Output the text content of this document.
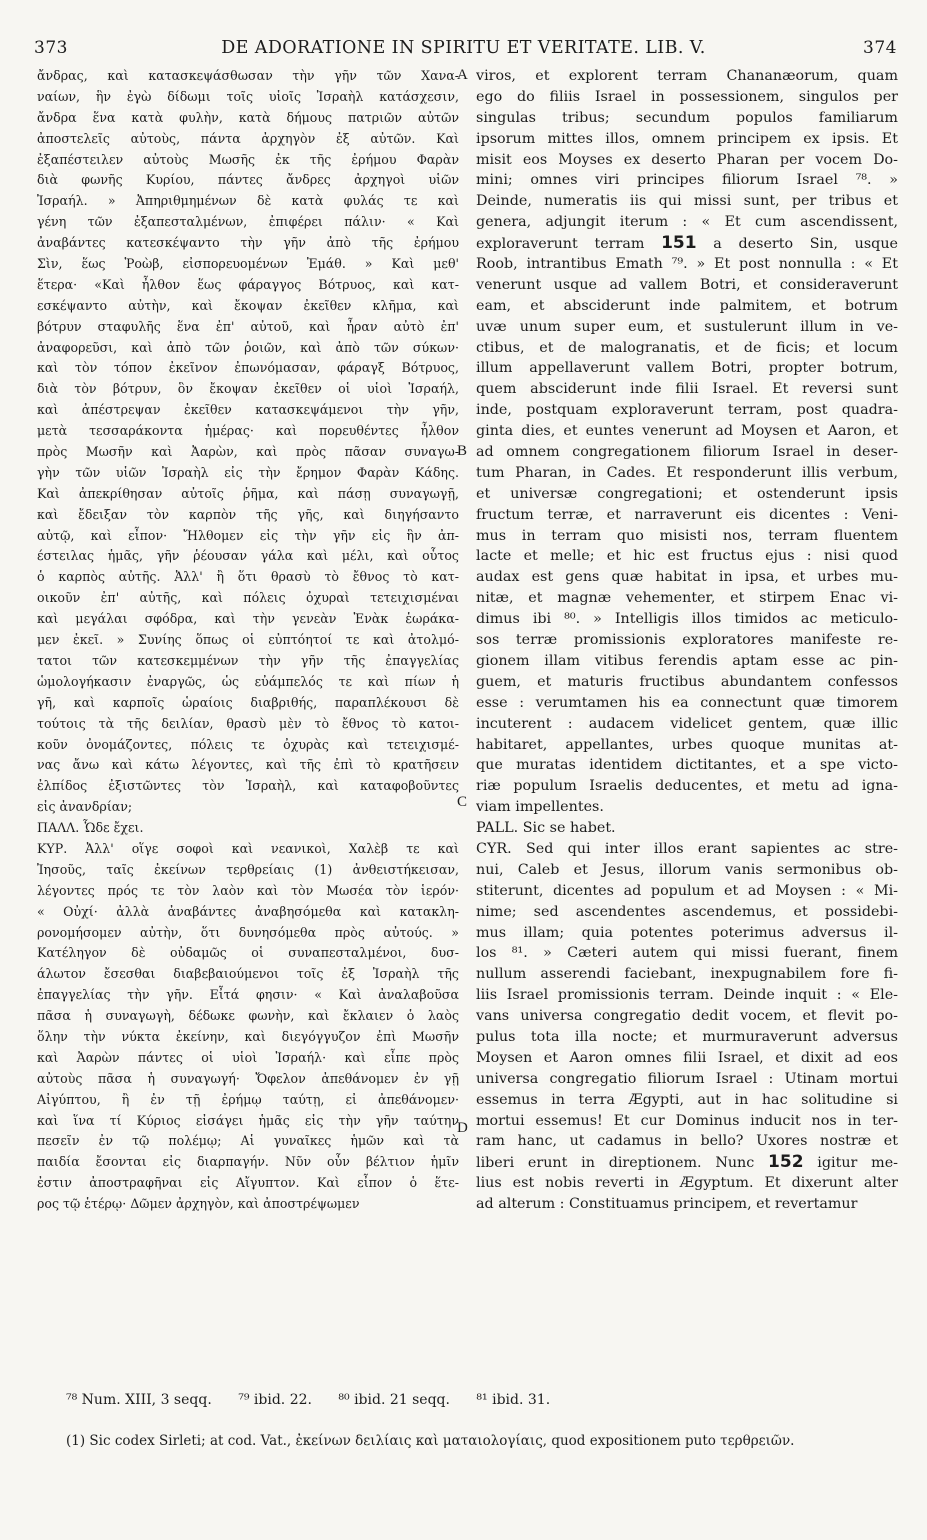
373	DE ADORATIONE IN SPIRITU ET VERITATE. LIB. V.	374
ἄνδρας, καὶ κατασκεψάσθωσαν τὴν γῆν τῶν Χανα-
ναίων, ἣν ἐγὼ δίδωμι τοῖς υἱοῖς Ἰσραὴλ κατάσχεσιν,
ἄνδρα ἕνα κατὰ φυλὴν, κατὰ δήμους πατριῶν αὐτῶν
ἀποστελεῖς αὐτοὺς, πάντα ἀρχηγὸν ἐξ αὐτῶν. Καὶ
ἐξαπέστειλεν αὐτοὺς Μωσῆς ἐκ τῆς ἐρήμου Φαρὰν
διὰ φωνῆς Κυρίου, πάντες ἄνδρες ἀρχηγοὶ υἱῶν
Ἰσραήλ. » Ἀπηριθμημένων δὲ κατὰ φυλάς τε καὶ
γένη τῶν ἐξαπεσταλμένων, ἐπιφέρει πάλιν· « Καὶ
ἀναβάντες κατεσκέψαντο τὴν γῆν ἀπὸ τῆς ἐρήμου
Σὶν, ἕως Ῥοὼβ, εἰσπορευομένων Ἐμάθ. » Καὶ μεθ'
ἕτερα· «Καὶ ἦλθον ἕως φάραγγος Βότρυος, καὶ κατ-
εσκέψαντο αὐτὴν, καὶ ἔκοψαν ἐκεῖθεν κλῆμα, καὶ
βότρυν σταφυλῆς ἕνα ἐπ' αὐτοῦ, καὶ ἦραν αὐτὸ ἐπ'
ἀναφορεῦσι, καὶ ἀπὸ τῶν ῥοιῶν, καὶ ἀπὸ τῶν σύκων·
καὶ τὸν τόπον ἐκεῖνον ἐπωνόμασαν, φάραγξ Βότρυος,
διὰ τὸν βότρυν, ὃν ἔκοψαν ἐκεῖθεν οἱ υἱοὶ Ἰσραήλ,
καὶ ἀπέστρεψαν ἐκεῖθεν κατασκεψάμενοι τὴν γῆν,
μετὰ τεσσαράκοντα ἡμέρας· καὶ πορευθέντες ἦλθον
πρὸς Μωσῆν καὶ Ἀαρὼν, καὶ πρὸς πᾶσαν συναγω-
γὴν τῶν υἱῶν Ἰσραὴλ εἰς τὴν ἔρημον Φαρὰν Κάδης.
Καὶ ἀπεκρίθησαν αὐτοῖς ῥῆμα, καὶ πάσῃ συναγωγῇ,
καὶ ἔδειξαν τὸν καρπὸν τῆς γῆς, καὶ διηγήσαντο
αὐτῷ, καὶ εἶπον· Ἤλθομεν εἰς τὴν γῆν εἰς ἣν ἀπ-
έστειλας ἡμᾶς, γῆν ῥέουσαν γάλα καὶ μέλι, καὶ οὗτος
ὁ καρπὸς αὐτῆς. Ἀλλ' ἢ ὅτι θρασὺ τὸ ἔθνος τὸ κατ-
οικοῦν ἐπ' αὐτῆς, καὶ πόλεις ὀχυραὶ τετειχισμέναι
καὶ μεγάλαι σφόδρα, καὶ τὴν γενεὰν Ἐνὰκ ἑωράκα-
μεν ἐκεῖ. » Συνίης ὅπως οἱ εὐπτόητοί τε καὶ ἀτολμό-
τατοι τῶν κατεσκεμμένων τὴν γῆν τῆς ἐπαγγελίας
ὡμολογήκασιν ἐναργῶς, ὡς εὐάμπελός τε καὶ πίων ἡ
γῆ, καὶ καρποῖς ὡραίοις διαβριθής, παραπλέκουσι δὲ
τούτοις τὰ τῆς δειλίαν, θρασὺ μὲν τὸ ἔθνος τὸ κατοι-
κοῦν ὀνομάζοντες, πόλεις τε ὀχυρὰς καὶ τετειχισμέ-
νας ἄνω καὶ κάτω λέγοντες, καὶ τῆς ἐπὶ τὸ κρατῆσειν
ἐλπίδος ἐξιστῶντες τὸν Ἰσραὴλ, καὶ καταφοβοῦντες
εἰς ἀνανδρίαν;
ΠΑΛΛ. Ὧδε ἔχει.
ΚΥΡ. Ἀλλ' οἵγε σοφοὶ καὶ νεανικοὶ, Χαλὲβ τε καὶ
Ἰησοῦς, ταῖς ἐκείνων τερθρείαις (1) ἀνθειστήκεισαν,
λέγοντες πρός τε τὸν λαὸν καὶ τὸν Μωσέα τὸν ἱερόν·
« Οὐχί· ἀλλὰ ἀναβάντες ἀναβησόμεθα καὶ κατακλη-
ρονομήσομεν αὐτὴν, ὅτι δυνησόμεθα πρὸς αὐτούς. »
Κατέληγον δὲ οὐδαμῶς οἱ συναπεσταλμένοι, δυσ-
άλωτον ἔσεσθαι διαβεβαιούμενοι τοῖς ἐξ Ἰσραὴλ τῆς
ἐπαγγελίας τὴν γῆν. Εἶτά φησιν· « Καὶ ἀναλαβοῦσα
πᾶσα ἡ συναγωγὴ, δέδωκε φωνὴν, καὶ ἔκλαιεν ὁ λαὸς
ὅλην τὴν νύκτα ἐκείνην, καὶ διεγόγγυζον ἐπὶ Μωσῆν
καὶ Ἀαρὼν πάντες οἱ υἱοὶ Ἰσραήλ· καὶ εἶπε πρὸς
αὐτοὺς πᾶσα ἡ συναγωγή· Ὄφελον ἀπεθάνομεν ἐν γῇ
Αἰγύπτου, ἢ ἐν τῇ ἐρήμῳ ταύτῃ, εἰ ἀπεθάνομεν·
καὶ ἵνα τί Κύριος εἰσάγει ἡμᾶς εἰς τὴν γῆν ταύτην
πεσεῖν ἐν τῷ πολέμῳ; Αἱ γυναῖκες ἡμῶν καὶ τὰ
παιδία ἔσονται εἰς διαρπαγήν. Νῦν οὖν βέλτιον ἡμῖν
ἐστιν ἀποστραφῆναι εἰς Αἴγυπτον. Καὶ εἶπον ὁ ἕτε-
ρος τῷ ἑτέρῳ· Δῶμεν ἀρχηγὸν, καὶ ἀποστρέψωμεν
viros, et explorent terram Chananæorum, quam
ego do filiis Israel in possessionem, singulos per
singulas tribus; secundum populos familiarum
ipsorum mittes illos, omnem principem ex ipsis. Et
misit eos Moyses ex deserto Pharan per vocem Do-
mini; omnes viri principes filiorum Israel ⁷⁸. »
Deinde, numeratis iis qui missi sunt, per tribus et
genera, adjungit iterum : « Et cum ascendissent,
exploraverunt terram 151 a deserto Sin, usque
Roob, intrantibus Emath ⁷⁹. » Et post nonnulla : « Et
venerunt usque ad vallem Botri, et consideraverunt
eam, et absciderunt inde palmitem, et botrum
uvæ unum super eum, et sustulerunt illum in ve-
ctibus, et de malogranatis, et de ficis; et locum
illum appellaverunt vallem Botri, propter botrum,
quem absciderunt inde filii Israel. Et reversi sunt
inde, postquam exploraverunt terram, post quadra-
ginta dies, et euntes venerunt ad Moysen et Aaron, et
ad omnem congregationem filiorum Israel in deser-
tum Pharan, in Cades. Et responderunt illis verbum,
et universæ congregationi; et ostenderunt ipsis
fructum terræ, et narraverunt eis dicentes : Veni-
mus in terram quo misisti nos, terram fluentem
lacte et melle; et hic est fructus ejus : nisi quod
audax est gens quæ habitat in ipsa, et urbes mu-
nitæ, et magnæ vehementer, et stirpem Enac vi-
dimus ibi ⁸⁰. » Intelligis illos timidos ac meticulo-
sos terræ promissionis exploratores manifeste re-
gionem illam vitibus ferendis aptam esse ac pin-
guem, et maturis fructibus abundantem confessos
esse : verumtamen his ea connectunt quæ timorem
incuterent : audacem videlicet gentem, quæ illic
habitaret, appellantes, urbes quoque munitas at-
que muratas identidem dictitantes, et a spe victo-
riæ populum Israelis deducentes, et metu ad igna-
viam impellentes.
PALL. Sic se habet.
CYR. Sed qui inter illos erant sapientes ac stre-
nui, Caleb et Jesus, illorum vanis sermonibus ob-
stiterunt, dicentes ad populum et ad Moysen : « Mi-
nime; sed ascendentes ascendemus, et possidebi-
mus illam; quia potentes poterimus adversus il-
los ⁸¹. » Cæteri autem qui missi fuerant, finem
nullum asserendi faciebant, inexpugnabilem fore fi-
liis Israel promissionis terram. Deinde inquit : « Ele-
vans universa congregatio dedit vocem, et flevit po-
pulus tota illa nocte; et murmuraverunt adversus
Moysen et Aaron omnes filii Israel, et dixit ad eos
universa congregatio filiorum Israel : Utinam mortui
essemus in terra Ægypti, aut in hac solitudine si
mortui essemus! Et cur Dominus inducit nos in ter-
ram hanc, ut cadamus in bello? Uxores nostræ et
liberi erunt in direptionem. Nunc 152 igitur me-
lius est nobis reverti in Ægyptum. Et dixerunt alter
ad alterum : Constituamus principem, et revertamur
A
B
C
D
⁷⁸ Num. XIII, 3 seqq. ⁷⁹ ibid. 22. ⁸⁰ ibid. 21 seqq. ⁸¹ ibid. 31.
(1) Sic codex Sirleti; at cod. Vat., ἐκείνων δειλίαις καὶ ματαιολογίαις, quod expositionem puto τερθρειῶν.
